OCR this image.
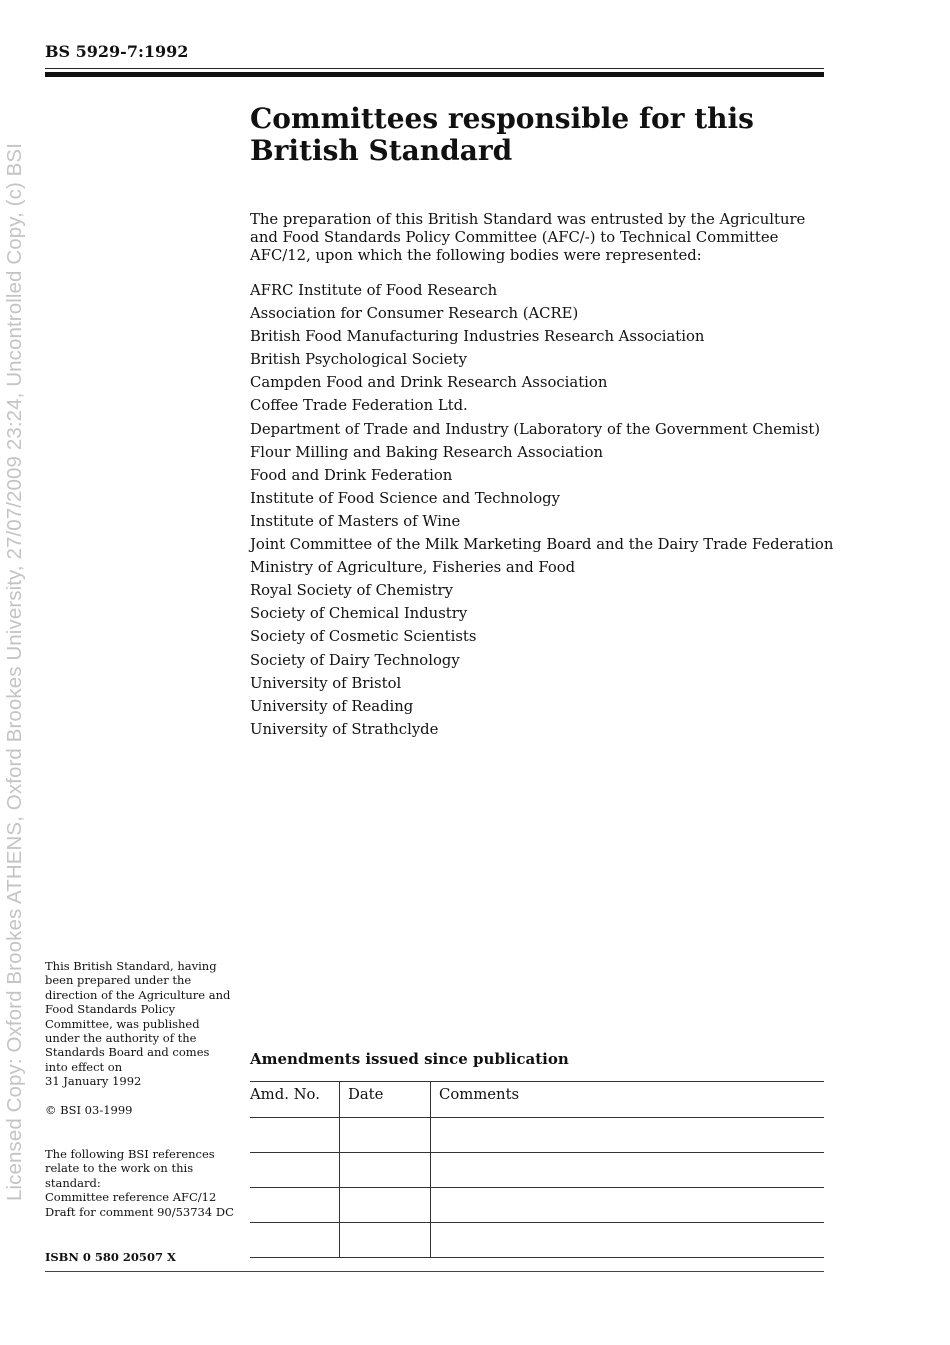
Licensed Copy: Oxford Brookes ATHENS, Oxford Brookes University, 27/07/2009 23:24, Uncontrolled Copy, (c) BSI
BS 5929-7:1992
Committees responsible for this
British Standard

The preparation of this British Standard was entrusted by the Agriculture and Food Standards Policy Committee (AFC/-) to Technical Committee AFC/12, upon which the following bodies were represented:

AFRC Institute of Food Research
Association for Consumer Research (ACRE)
British Food Manufacturing Industries Research Association
British Psychological Society
Campden Food and Drink Research Association
Coffee Trade Federation Ltd.
Department of Trade and Industry (Laboratory of the Government Chemist)
Flour Milling and Baking Research Association
Food and Drink Federation
Institute of Food Science and Technology
Institute of Masters of Wine
Joint Committee of the Milk Marketing Board and the Dairy Trade Federation
Ministry of Agriculture, Fisheries and Food
Royal Society of Chemistry
Society of Chemical Industry
Society of Cosmetic Scientists
Society of Dairy Technology
University of Bristol
University of Reading
University of Strathclyde
This British Standard, having
been prepared under the
direction of the Agriculture and
Food Standards Policy
Committee, was published
under the authority of the
Standards Board and comes
into effect on
31 January 1992
© BSI 03-1999
The following BSI references
relate to the work on this
standard:
Committee reference AFC/12
Draft for comment 90/53734 DC
ISBN 0 580 20507 X
Amendments issued since publication
Amd. No.	Date	Comments
